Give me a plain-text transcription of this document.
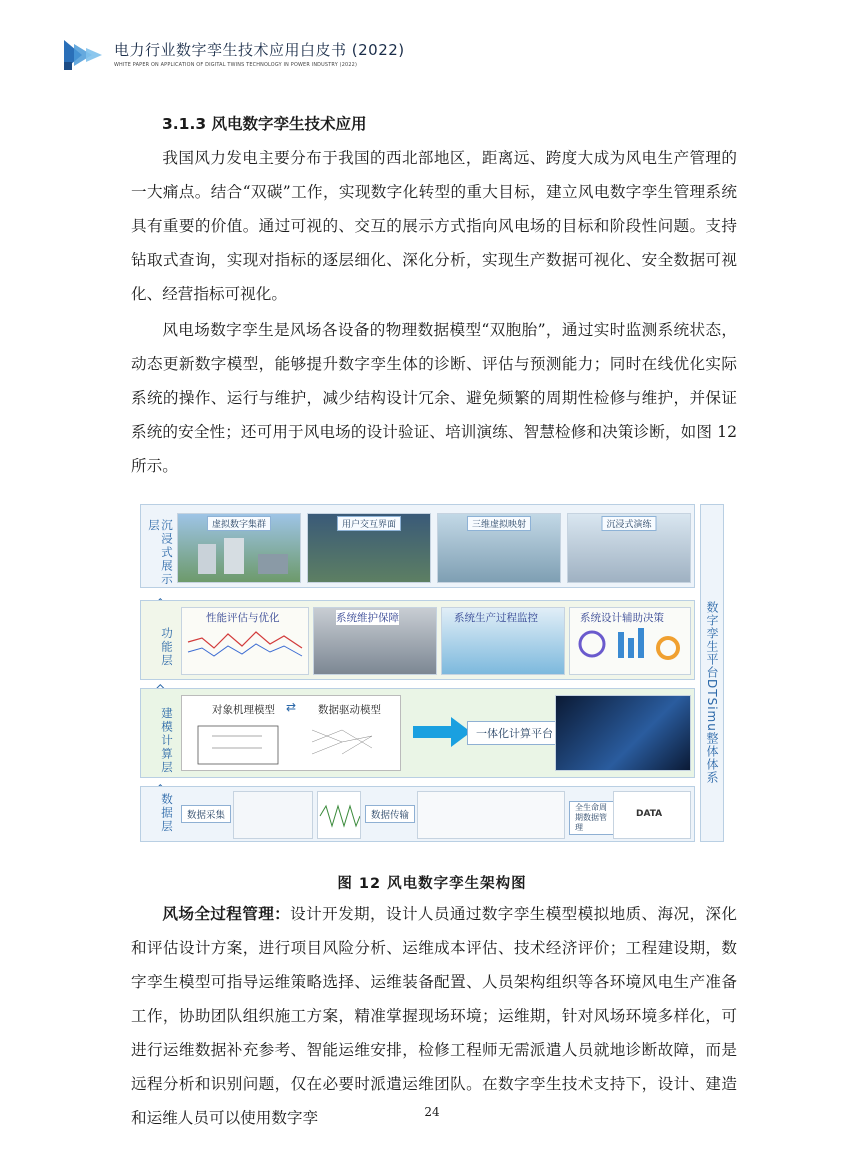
电力行业数字孪生技术应用白皮书 (2022)
WHITE PAPER ON APPLICATION OF DIGITAL TWINS TECHNOLOGY IN POWER INDUSTRY (2022)
3.1.3 风电数字孪生技术应用

我国风力发电主要分布于我国的西北部地区，距离远、跨度大成为风电生产管理的一大痛点。结合“双碳”工作，实现数字化转型的重大目标，建立风电数字孪生管理系统具有重要的价值。通过可视的、交互的展示方式指向风电场的目标和阶段性问题。支持钻取式查询，实现对指标的逐层细化、深化分析，实现生产数据可视化、安全数据可视化、经营指标可视化。

风电场数字孪生是风场各设备的物理数据模型“双胞胎”，通过实时监测系统状态，动态更新数字模型，能够提升数字孪生体的诊断、评估与预测能力；同时在线优化实际系统的操作、运行与维护，减少结构设计冗余、避免频繁的周期性检修与维护，并保证系统的安全性；还可用于风电场的设计验证、培训演练、智慧检修和决策诊断，如图 12 所示。

沉浸式展示层	虚拟数字集群	用户交互界面	三维虚拟映射	沉浸式演练
功能层
性能评估与优化	系统维护保障	系统生产过程监控	系统设计辅助决策
建模计算层	对象机理模型	数据驱动模型
⇄
一体化计算平台
数据层	数据采集	数据传输
全生命周期数据管理
DATA
数字孪生平台DTSimu整体体系
图 12 风电数字孪生架构图

风场全过程管理：设计开发期，设计人员通过数字孪生模型模拟地质、海况，深化和评估设计方案，进行项目风险分析、运维成本评估、技术经济评价；工程建设期，数字孪生模型可指导运维策略选择、运维装备配置、人员架构组织等各环境风电生产准备工作，协助团队组织施工方案，精准掌握现场环境；运维期，针对风场环境多样化，可进行运维数据补充参考、智能运维安排，检修工程师无需派遣人员就地诊断故障，而是远程分析和识别问题，仅在必要时派遣运维团队。在数字孪生技术支持下，设计、建造和运维人员可以使用数字孪	24
